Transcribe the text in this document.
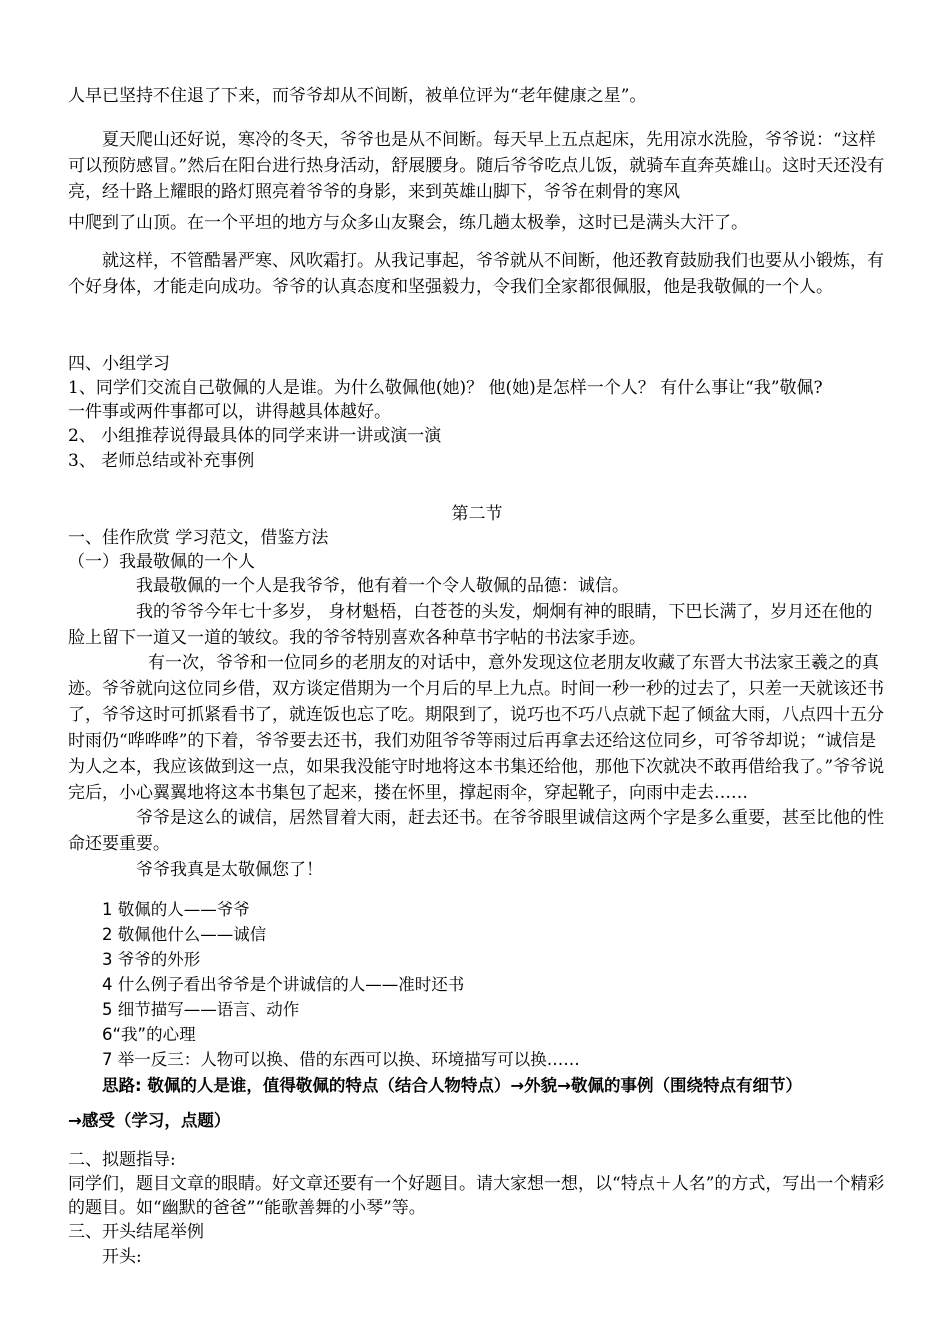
人早已坚持不住退了下来，而爷爷却从不间断，被单位评为“老年健康之星”。

夏天爬山还好说，寒冷的冬天，爷爷也是从不间断。每天早上五点起床，先用凉水洗脸，爷爷说：“这样可以预防感冒。”然后在阳台进行热身活动，舒展腰身。随后爷爷吃点儿饭，就骑车直奔英雄山。这时天还没有亮，经十路上耀眼的路灯照亮着爷爷的身影，来到英雄山脚下，爷爷在刺骨的寒风

中爬到了山顶。在一个平坦的地方与众多山友聚会，练几趟太极拳，这时已是满头大汗了。

就这样，不管酷暑严寒、风吹霜打。从我记事起，爷爷就从不间断，他还教育鼓励我们也要从小锻炼，有个好身体，才能走向成功。爷爷的认真态度和坚强毅力，令我们全家都很佩服，他是我敬佩的一个人。

四、小组学习

1、同学们交流自己敬佩的人是谁。为什么敬佩他(她)？ 他(她)是怎样一个人？ 有什么事让“我”敬佩?

一件事或两件事都可以，讲得越具体越好。

2、 小组推荐说得最具体的同学来讲一讲或演一演

3、 老师总结或补充事例

第二节

一、佳作欣赏 学习范文，借鉴方法

（一）我最敬佩的一个人

我最敬佩的一个人是我爷爷，他有着一个令人敬佩的品德：诚信。

我的爷爷今年七十多岁， 身材魁梧，白苍苍的头发，炯炯有神的眼睛，下巴长满了，岁月还在他的脸上留下一道又一道的皱纹。我的爷爷特别喜欢各种草书字帖的书法家手迹。

有一次，爷爷和一位同乡的老朋友的对话中，意外发现这位老朋友收藏了东晋大书法家王羲之的真迹。爷爷就向这位同乡借，双方谈定借期为一个月后的早上九点。时间一秒一秒的过去了，只差一天就该还书了，爷爷这时可抓紧看书了，就连饭也忘了吃。期限到了，说巧也不巧八点就下起了倾盆大雨，八点四十五分时雨仍“哗哗哗”的下着，爷爷要去还书，我们劝阻爷爷等雨过后再拿去还给这位同乡，可爷爷却说；“诚信是为人之本，我应该做到这一点，如果我没能守时地将这本书集还给他，那他下次就决不敢再借给我了。”爷爷说完后，小心翼翼地将这本书集包了起来，搂在怀里，撑起雨伞，穿起靴子，向雨中走去……

爷爷是这么的诚信，居然冒着大雨，赶去还书。在爷爷眼里诚信这两个字是多么重要，甚至比他的性命还要重要。

爷爷我真是太敬佩您了！

1 敬佩的人——爷爷

2 敬佩他什么——诚信

3 爷爷的外形

4 什么例子看出爷爷是个讲诚信的人——准时还书

5 细节描写——语言、动作

6“我”的心理

7 举一反三：人物可以换、借的东西可以换、环境描写可以换……

思路: 敬佩的人是谁，值得敬佩的特点（结合人物特点）→外貌→敬佩的事例（围绕特点有细节）

→感受（学习，点题）

二、拟题指导:

同学们，题目文章的眼睛。好文章还要有一个好题目。请大家想一想，以“特点＋人名”的方式，写出一个精彩的题目。如“幽默的爸爸”“能歌善舞的小琴”等。

三、开头结尾举例

开头:
